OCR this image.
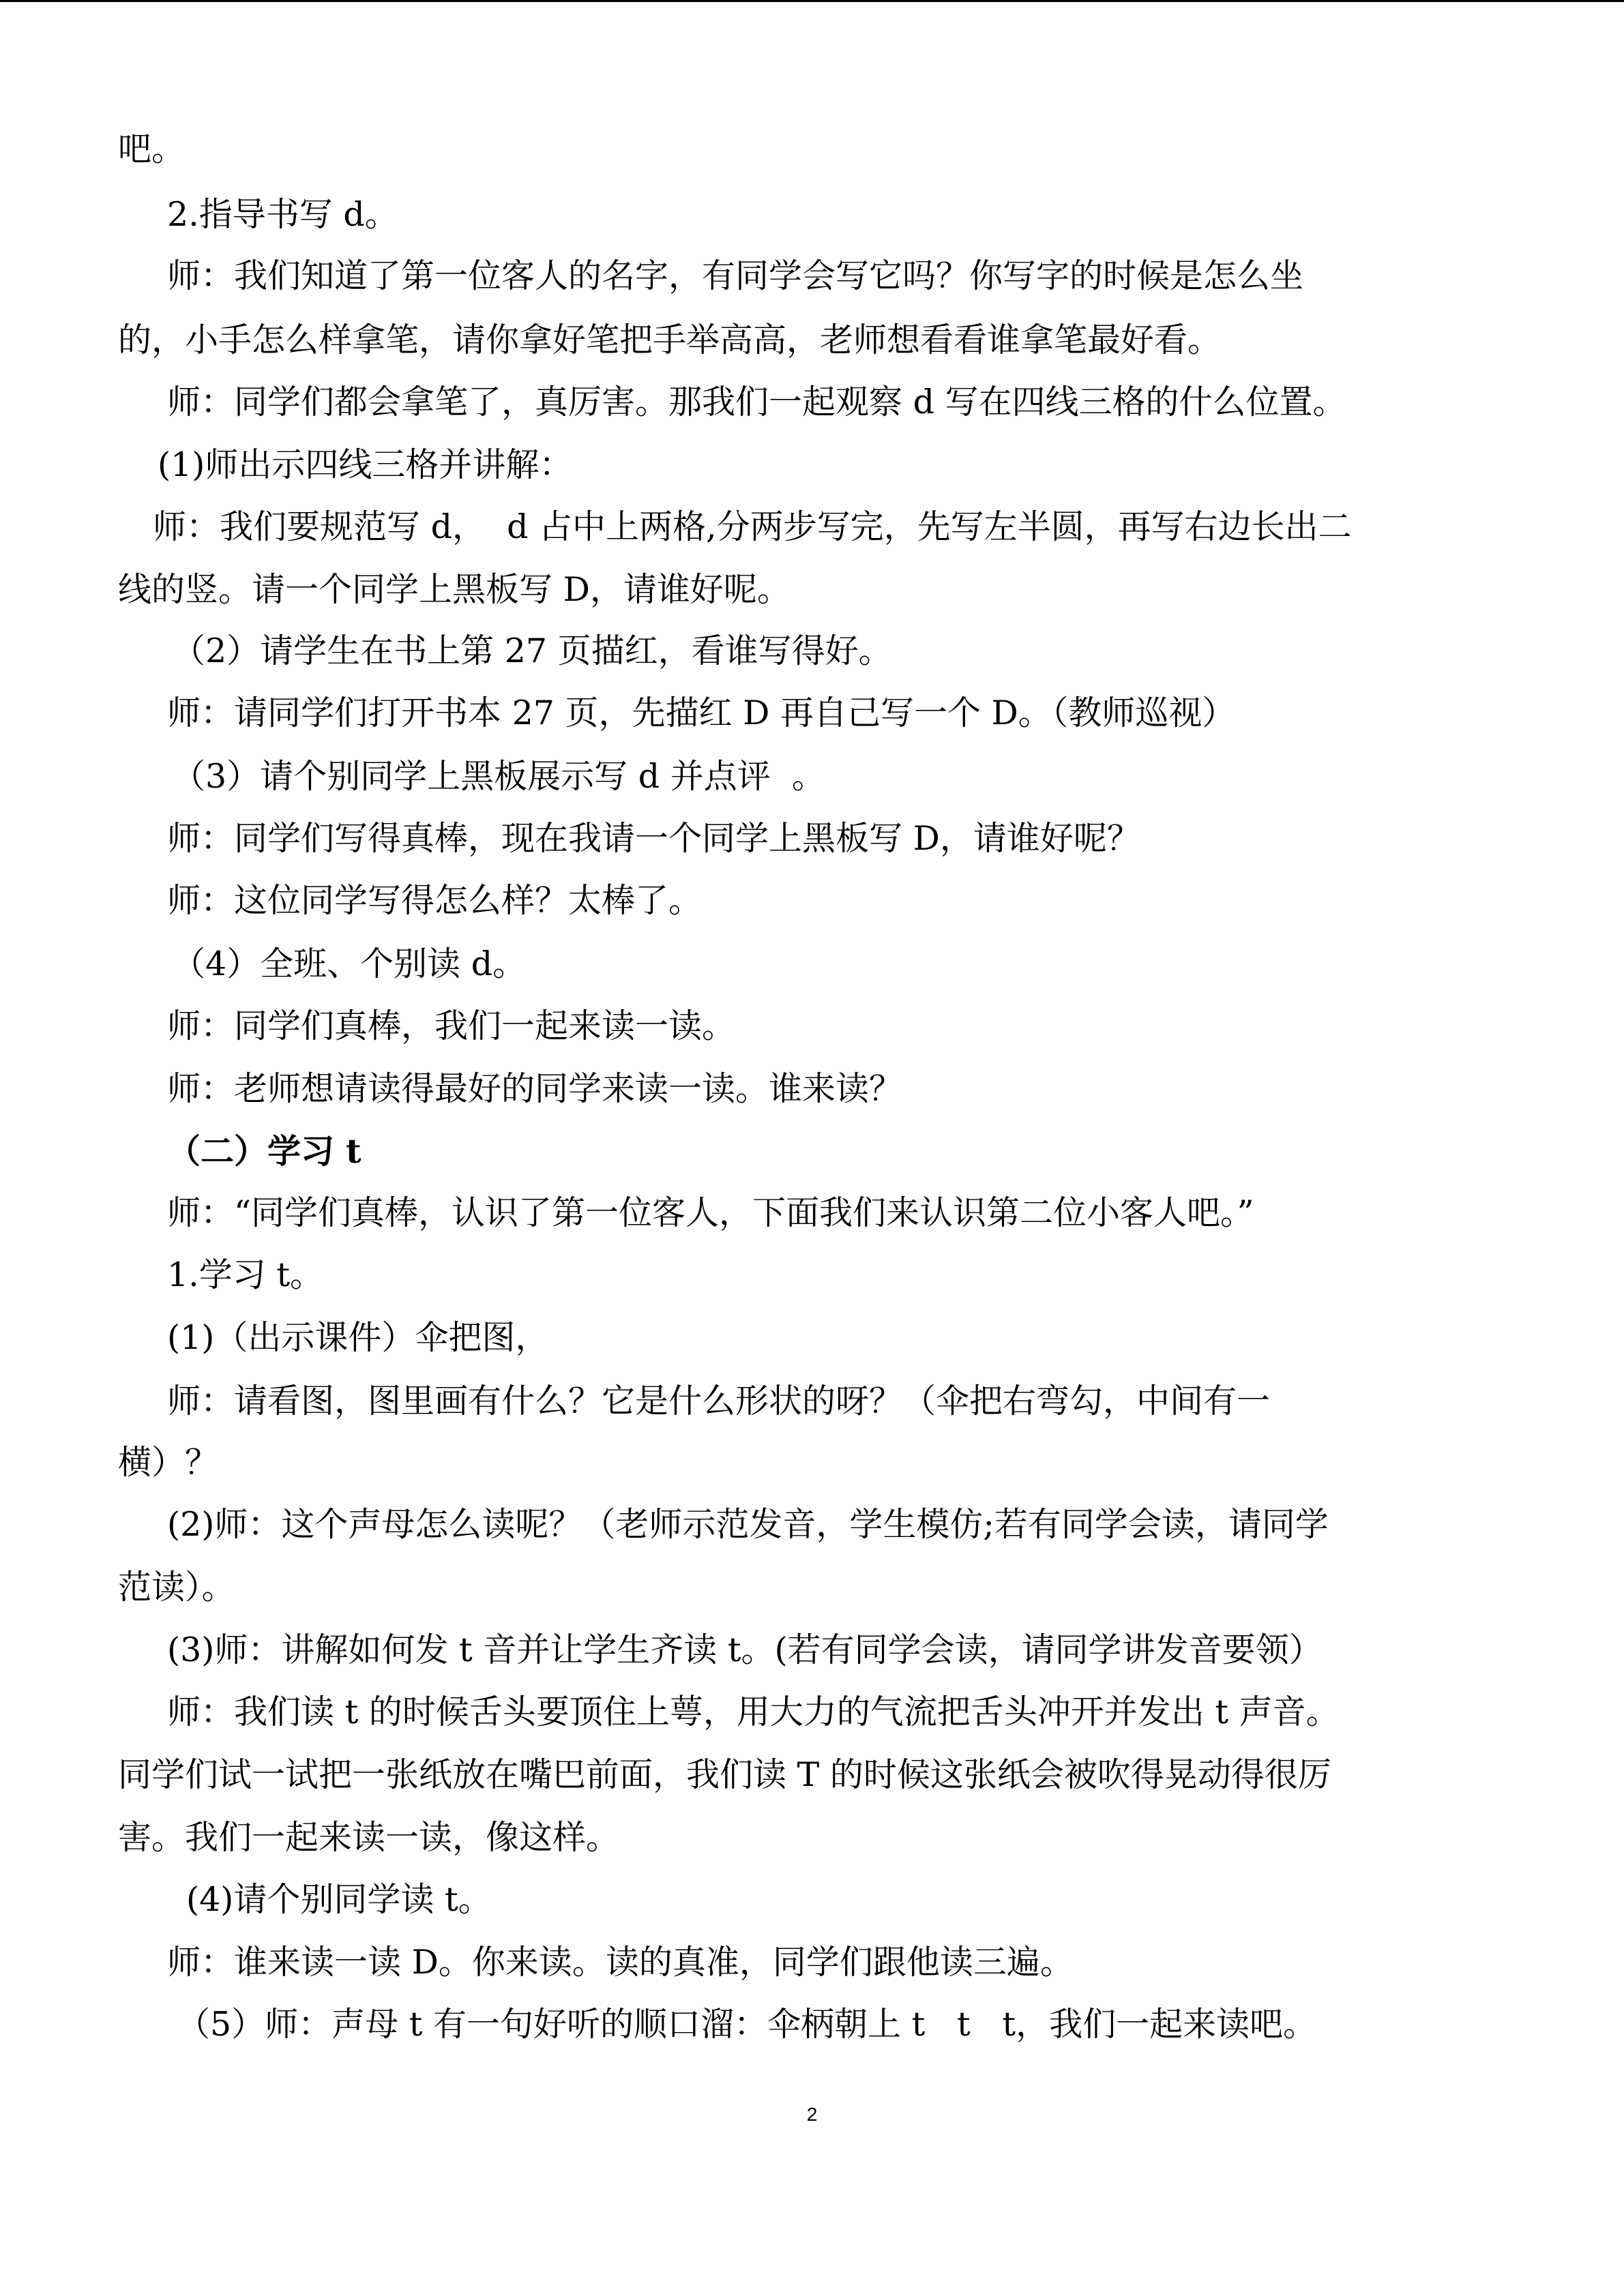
吧。
2.指导书写 d。
师：我们知道了第一位客人的名字，有同学会写它吗？你写字的时候是怎么坐
的，小手怎么样拿笔，请你拿好笔把手举高高，老师想看看谁拿笔最好看。
师：同学们都会拿笔了，真厉害。那我们一起观察 d 写在四线三格的什么位置。
(1)师出示四线三格并讲解：
师：我们要规范写 d，  d 占中上两格,分两步写完，先写左半圆，再写右边长出二
线的竖。请一个同学上黑板写 D，请谁好呢。
（2）请学生在书上第 27 页描红，看谁写得好。
师：请同学们打开书本 27 页，先描红 D 再自己写一个 D。（教师巡视）
（3）请个别同学上黑板展示写 d 并点评  。
师：同学们写得真棒，现在我请一个同学上黑板写 D，请谁好呢？
师：这位同学写得怎么样？太棒了。
（4）全班、个别读 d。
师：同学们真棒，我们一起来读一读。
师：老师想请读得最好的同学来读一读。谁来读？
（二）学习 t
师：“同学们真棒，认识了第一位客人，下面我们来认识第二位小客人吧。”
1.学习 t。
(1)（出示课件）伞把图，
师：请看图，图里画有什么？它是什么形状的呀？（伞把右弯勾，中间有一
横）？
(2)师：这个声母怎么读呢？（老师示范发音，学生模仿;若有同学会读，请同学
范读）。
(3)师：讲解如何发 t 音并让学生齐读 t。(若有同学会读，请同学讲发音要领）
师：我们读 t 的时候舌头要顶住上萼，用大力的气流把舌头冲开并发出 t 声音。
同学们试一试把一张纸放在嘴巴前面，我们读 T 的时候这张纸会被吹得晃动得很厉
害。我们一起来读一读，像这样。
(4)请个别同学读 t。
师：谁来读一读 D。你来读。读的真准，同学们跟他读三遍。
（5）师：声母 t 有一句好听的顺口溜：伞柄朝上 t   t   t，我们一起来读吧。
2
